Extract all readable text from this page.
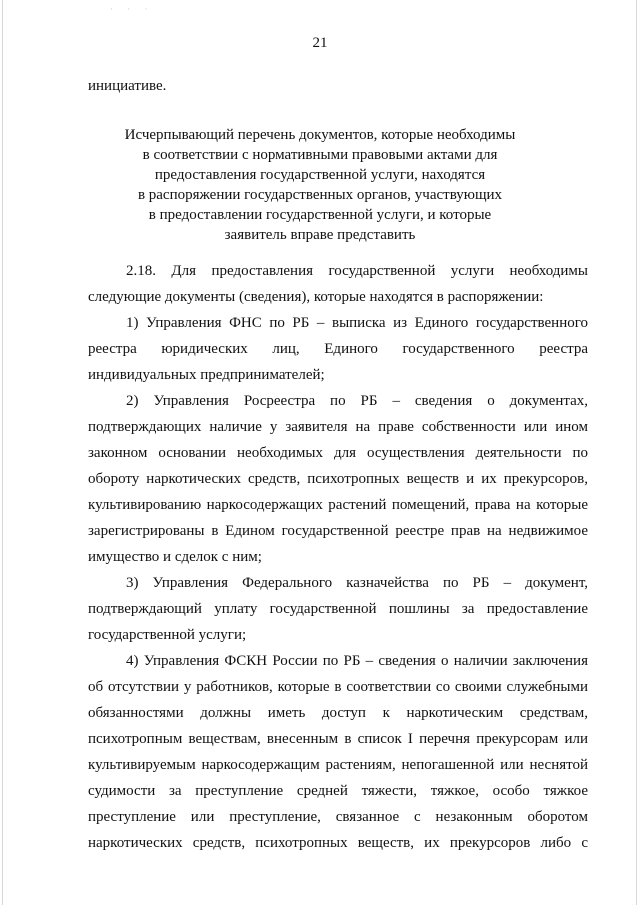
· · ·
21
инициативе.
Исчерпывающий перечень документов, которые необходимы
в соответствии с нормативными правовыми актами для
предоставления государственной услуги, находятся
в распоряжении государственных органов, участвующих
в предоставлении государственной услуги, и которые
заявитель вправе представить
2.18. Для предоставления государственной услуги необходимы
следующие документы (сведения), которые находятся в распоряжении:
1) Управления ФНС по РБ – выписка из Единого государственного
реестра юридических лиц, Единого государственного реестра
индивидуальных предпринимателей;
2) Управления Росреестра по РБ – сведения о документах,
подтверждающих наличие у заявителя на праве собственности или ином
законном основании необходимых для осуществления деятельности по
обороту наркотических средств, психотропных веществ и их прекурсоров,
культивированию наркосодержащих растений помещений, права на которые
зарегистрированы в Едином государственной реестре прав на недвижимое
имущество и сделок с ним;
3) Управления Федерального казначейства по РБ – документ,
подтверждающий уплату государственной пошлины за предоставление
государственной услуги;
4) Управления ФСКН России по РБ – сведения о наличии заключения
об отсутствии у работников, которые в соответствии со своими служебными
обязанностями должны иметь доступ к наркотическим средствам,
психотропным веществам, внесенным в список I перечня прекурсорам или
культивируемым наркосодержащим растениям, непогашенной или неснятой
судимости за преступление средней тяжести, тяжкое, особо тяжкое
преступление или преступление, связанное с незаконным оборотом
наркотических средств, психотропных веществ, их прекурсоров либо с
